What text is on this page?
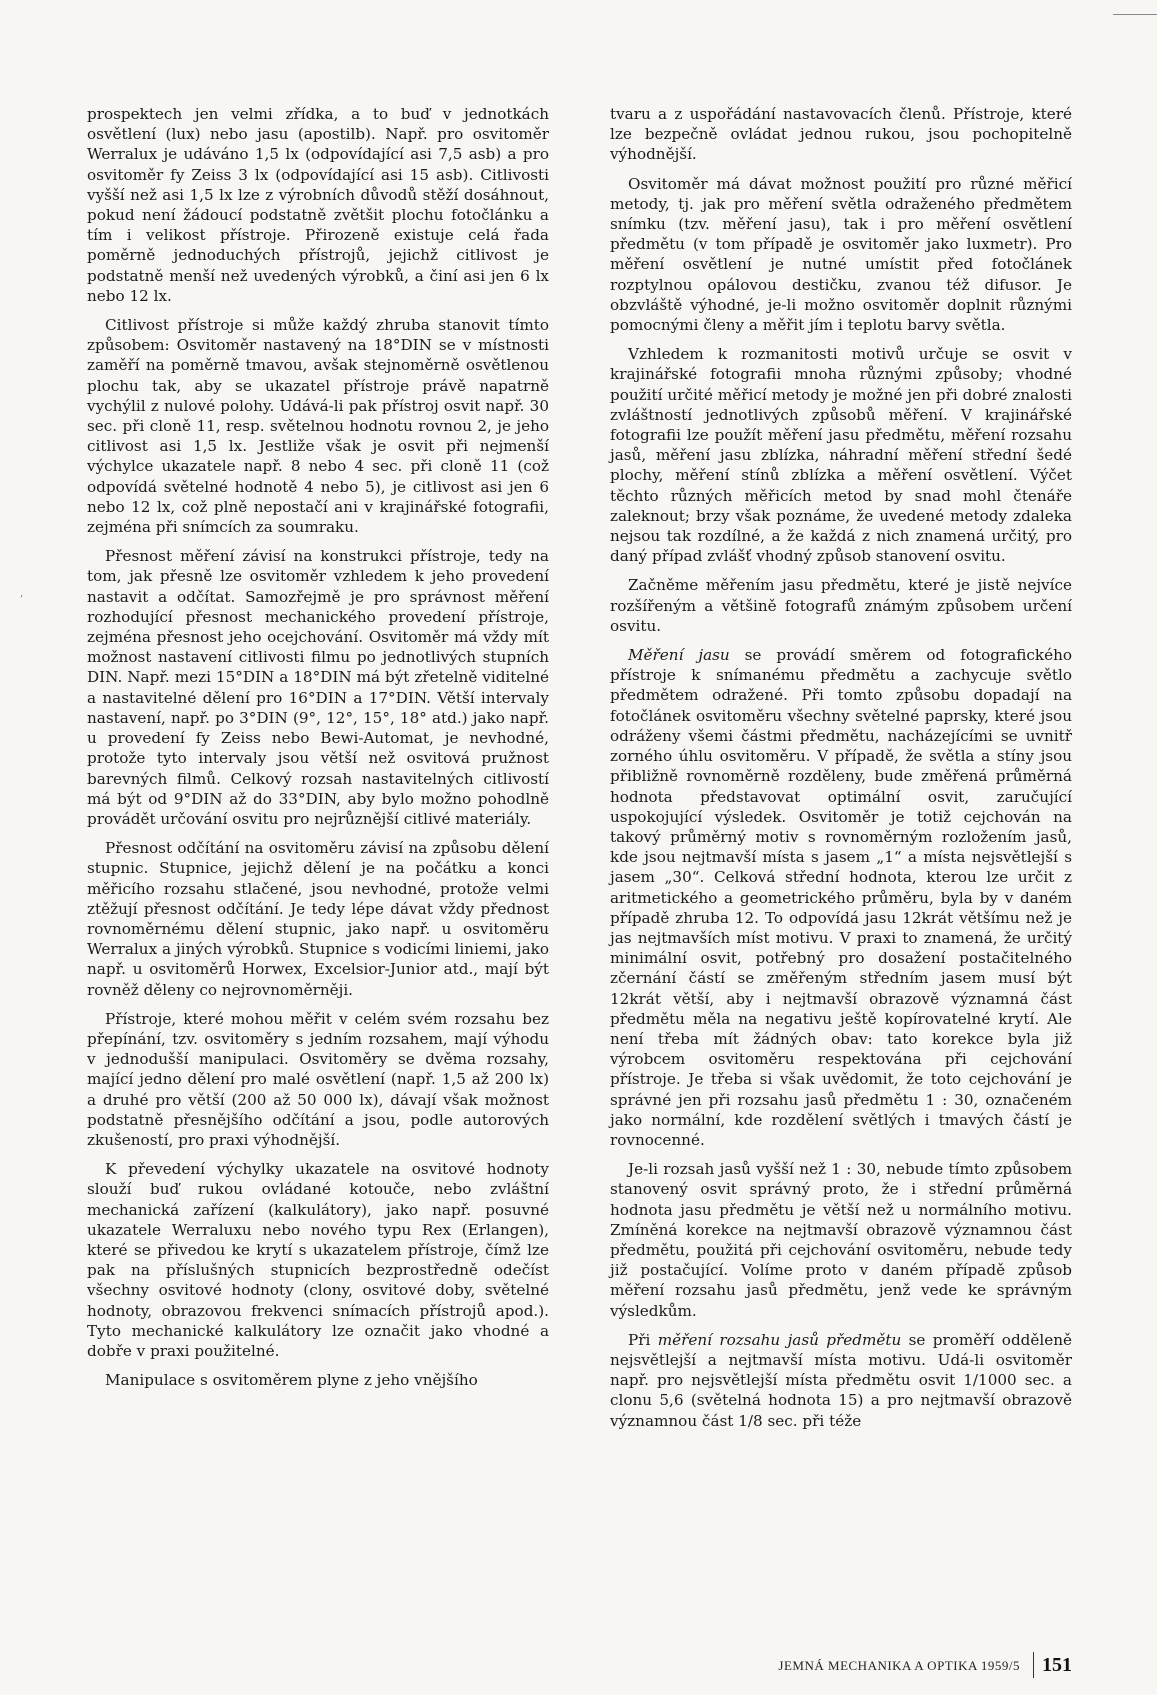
‚

prospektech jen velmi zřídka, a to buď v jednotkách osvětlení (lux) nebo jasu (apostilb). Např. pro osvitoměr Werralux je udáváno 1,5 lx (odpovídající asi 7,5 asb) a pro osvitoměr fy Zeiss 3 lx (odpovídající asi 15 asb). Citlivosti vyšší než asi 1,5 lx lze z výrobních důvodů stěží dosáhnout, pokud není žádoucí podstatně zvětšit plochu fotočlánku a tím i velikost přístroje. Přirozeně existuje celá řada poměrně jednoduchých přístrojů, jejichž citlivost je podstatně menší než uvedených výrobků, a činí asi jen 6 lx nebo 12 lx.

Citlivost přístroje si může každý zhruba stanovit tímto způsobem: Osvitoměr nastavený na 18°DIN se v místnosti zaměří na poměrně tmavou, avšak stejnoměrně osvětlenou plochu tak, aby se ukazatel přístroje právě napatrně vychýlil z nulové polohy. Udává-li pak přístroj osvit např. 30 sec. při cloně 11, resp. světelnou hodnotu rovnou 2, je jeho citlivost asi 1,5 lx. Jestliže však je osvit při nejmenší výchylce ukazatele např. 8 nebo 4 sec. při cloně 11 (což odpovídá světelné hodnotě 4 nebo 5), je citlivost asi jen 6 nebo 12 lx, což plně nepostačí ani v krajinářské fotografii, zejména při snímcích za soumraku.

Přesnost měření závisí na konstrukci přístroje, tedy na tom, jak přesně lze osvitoměr vzhledem k jeho provedení nastavit a odčítat. Samozřejmě je pro správnost měření rozhodující přesnost mechanického provedení přístroje, zejména přesnost jeho ocejchování. Osvitoměr má vždy mít možnost nastavení citlivosti filmu po jednotlivých stupních DIN. Např. mezi 15°DIN a 18°DIN má být zřetelně viditelné a nastavitelné dělení pro 16°DIN a 17°DIN. Větší intervaly nastavení, např. po 3°DIN (9°, 12°, 15°, 18° atd.) jako např. u provedení fy Zeiss nebo Bewi-Automat, je nevhodné, protože tyto intervaly jsou větší než osvitová pružnost barevných filmů. Celkový rozsah nastavitelných citlivostí má být od 9°DIN až do 33°DIN, aby bylo možno pohodlně provádět určování osvitu pro nejrůznější citlivé materiály.

Přesnost odčítání na osvitoměru závisí na způsobu dělení stupnic. Stupnice, jejichž dělení je na počátku a konci měřicího rozsahu stlačené, jsou nevhodné, protože velmi ztěžují přesnost odčítání. Je tedy lépe dávat vždy přednost rovnoměrnému dělení stupnic, jako např. u osvitoměru Werralux a jiných výrobků. Stupnice s vodicími liniemi, jako např. u osvitoměrů Horwex, Excelsior-Junior atd., mají být rovněž děleny co nejrovnoměrněji.

Přístroje, které mohou měřit v celém svém rozsahu bez přepínání, tzv. osvitoměry s jedním rozsahem, mají výhodu v jednodušší manipulaci. Osvitoměry se dvěma rozsahy, mající jedno dělení pro malé osvětlení (např. 1,5 až 200 lx) a druhé pro větší (200 až 50 000 lx), dávají však možnost podstatně přesnějšího odčítání a jsou, podle autorových zkušeností, pro praxi výhodnější.

K převedení výchylky ukazatele na osvitové hodnoty slouží buď rukou ovládané kotouče, nebo zvláštní mechanická zařízení (kalkulátory), jako např. posuvné ukazatele Werraluxu nebo nového typu Rex (Erlangen), které se přivedou ke krytí s ukazatelem přístroje, čímž lze pak na příslušných stupnicích bezprostředně odečíst všechny osvitové hodnoty (clony, osvitové doby, světelné hodnoty, obrazovou frekvenci snímacích přístrojů apod.). Tyto mechanické kalkulátory lze označit jako vhodné a dobře v praxi použitelné.

Manipulace s osvitoměrem plyne z jeho vnějšího

tvaru a z uspořádání nastavovacích členů. Přístroje, které lze bezpečně ovládat jednou rukou, jsou pochopitelně výhodnější.

Osvitoměr má dávat možnost použití pro různé měřicí metody, tj. jak pro měření světla odraženého předmětem snímku (tzv. měření jasu), tak i pro měření osvětlení předmětu (v tom případě je osvitoměr jako luxmetr). Pro měření osvětlení je nutné umístit před fotočlánek rozptylnou opálovou destičku, zvanou též difusor. Je obzvláště výhodné, je-li možno osvitoměr doplnit různými pomocnými členy a měřit jím i teplotu barvy světla.

Vzhledem k rozmanitosti motivů určuje se osvit v krajinářské fotografii mnoha různými způsoby; vhodné použití určité měřicí metody je možné jen při dobré znalosti zvláštností jednotlivých způsobů měření. V krajinářské fotografii lze použít měření jasu předmětu, měření rozsahu jasů, měření jasu zblízka, náhradní měření střední šedé plochy, měření stínů zblízka a měření osvětlení. Výčet těchto různých měřicích metod by snad mohl čtenáře zaleknout; brzy však poznáme, že uvedené metody zdaleka nejsou tak rozdílné, a že každá z nich znamená určitý, pro daný případ zvlášť vhodný způsob stanovení osvitu.

Začněme měřením jasu předmětu, které je jistě nejvíce rozšířeným a většině fotografů známým způsobem určení osvitu.

Měření jasu se provádí směrem od fotografického přístroje k snímanému předmětu a zachycuje světlo předmětem odražené. Při tomto způsobu dopadají na fotočlánek osvitoměru všechny světelné paprsky, které jsou odráženy všemi částmi předmětu, nacházejícími se uvnitř zorného úhlu osvitoměru. V případě, že světla a stíny jsou přibližně rovnoměrně rozděleny, bude změřená průměrná hodnota představovat optimální osvit, zaručující uspokojující výsledek. Osvitoměr je totiž cejchován na takový průměrný motiv s rovnoměrným rozložením jasů, kde jsou nejtmavší místa s jasem „1“ a místa nejsvětlejší s jasem „30“. Celková střední hodnota, kterou lze určit z aritmetického a geometrického průměru, byla by v daném případě zhruba 12. To odpovídá jasu 12krát většímu než je jas nejtmavších míst motivu. V praxi to znamená, že určitý minimální osvit, potřebný pro dosažení postačitelného zčernání částí se změřeným středním jasem musí být 12krát větší, aby i nejtmavší obrazově významná část předmětu měla na negativu ještě kopírovatelné krytí. Ale není třeba mít žádných obav: tato korekce byla již výrobcem osvitoměru respektována při cejchování přístroje. Je třeba si však uvědomit, že toto cejchování je správné jen při rozsahu jasů předmětu 1 : 30, označeném jako normální, kde rozdělení světlých i tmavých částí je rovnocenné.

Je-li rozsah jasů vyšší než 1 : 30, nebude tímto způsobem stanovený osvit správný proto, že i střední průměrná hodnota jasu předmětu je větší než u normálního motivu. Zmíněná korekce na nejtmavší obrazově významnou část předmětu, použitá při cejchování osvitoměru, nebude tedy již postačující. Volíme proto v daném případě způsob měření rozsahu jasů předmětu, jenž vede ke správným výsledkům.

Při měření rozsahu jasů předmětu se proměří odděleně nejsvětlejší a nejtmavší místa motivu. Udá-li osvitoměr např. pro nejsvětlejší místa předmětu osvit 1/1000 sec. a clonu 5,6 (světelná hodnota 15) a pro nejtmavší obrazově významnou část 1/8 sec. při téže

JEMNÁ MECHANIKA A OPTIKA 1959/5 151
